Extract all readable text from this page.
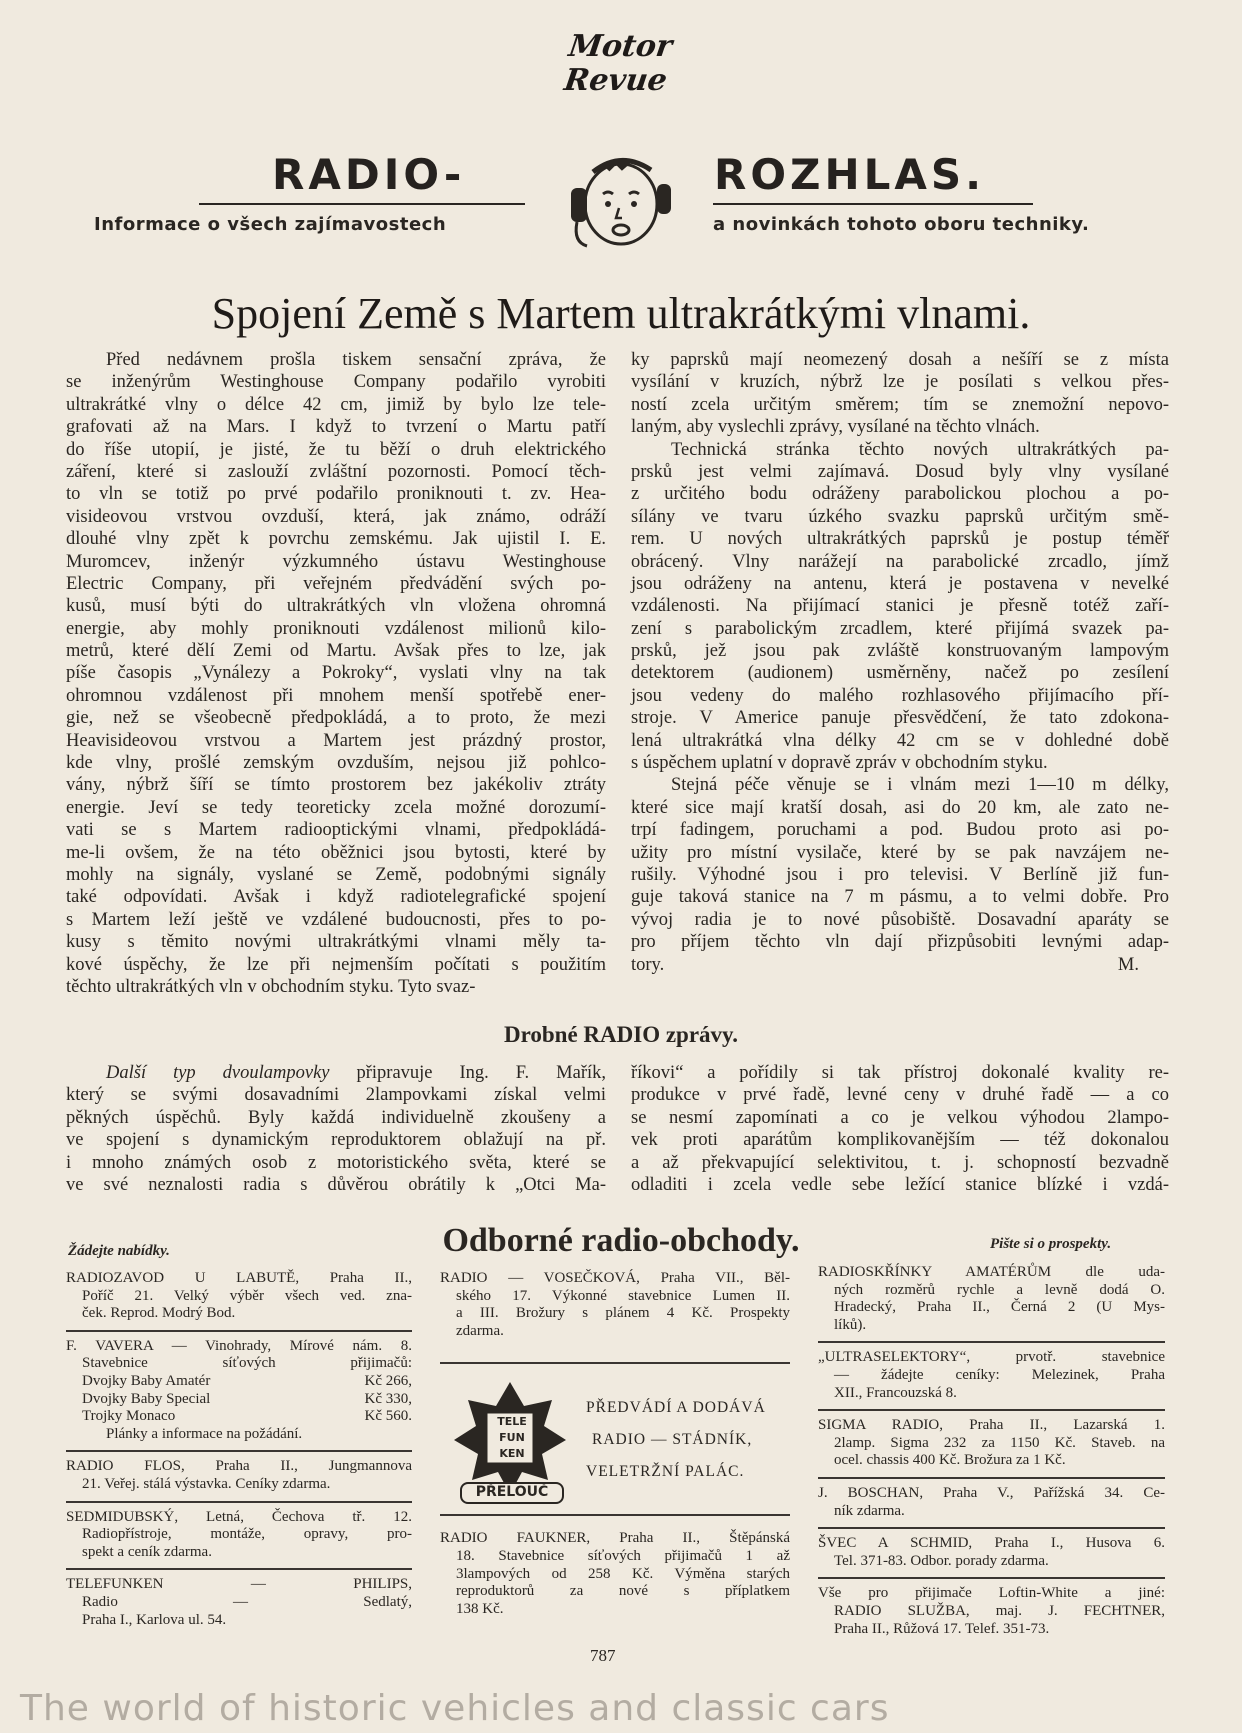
Motor
Revue
RADIO-
Informace o všech zajímavostech
ROZHLAS.
a novinkách tohoto oboru techniky.
Spojení Země s Martem ultrakrátkými vlnami.
Před nedávnem prošla tiskem sensační zpráva, že
se inženýrům Westinghouse Company podařilo vyrobiti
ultrakrátké vlny o délce 42 cm, jimiž by bylo lze tele-
grafovati až na Mars. I když to tvrzení o Martu patří
do říše utopií, je jisté, že tu běží o druh elektrického
záření, které si zaslouží zvláštní pozornosti. Pomocí těch-
to vln se totiž po prvé podařilo proniknouti t. zv. Hea-
visideovou vrstvou ovzduší, která, jak známo, odráží
dlouhé vlny zpět k povrchu zemskému. Jak ujistil I. E.
Muromcev, inženýr výzkumného ústavu Westinghouse
Electric Company, při veřejném předvádění svých po-
kusů, musí býti do ultrakrátkých vln vložena ohromná
energie, aby mohly proniknouti vzdálenost milionů kilo-
metrů, které dělí Zemi od Martu. Avšak přes to lze, jak
píše časopis „Vynálezy a Pokroky“, vyslati vlny na tak
ohromnou vzdálenost při mnohem menší spotřebě ener-
gie, než se všeobecně předpokládá, a to proto, že mezi
Heavisideovou vrstvou a Martem jest prázdný prostor,
kde vlny, prošlé zemským ovzduším, nejsou již pohlco-
vány, nýbrž šíří se tímto prostorem bez jakékoliv ztráty
energie. Jeví se tedy teoreticky zcela možné dorozumí-
vati se s Martem radiooptickými vlnami, předpokládá-
me-li ovšem, že na této oběžnici jsou bytosti, které by
mohly na signály, vyslané se Země, podobnými signály
také odpovídati. Avšak i když radiotelegrafické spojení
s Martem leží ještě ve vzdálené budoucnosti, přes to po-
kusy s těmito novými ultrakrátkými vlnami měly ta-
kové úspěchy, že lze při nejmenším počítati s použitím
těchto ultrakrátkých vln v obchodním styku. Tyto svaz-
ky paprsků mají neomezený dosah a nešíří se z místa
vysílání v kruzích, nýbrž lze je posílati s velkou přes-
ností zcela určitým směrem; tím se znemožní nepovo-
laným, aby vyslechli zprávy, vysílané na těchto vlnách.
Technická stránka těchto nových ultrakrátkých pa-
prsků jest velmi zajímavá. Dosud byly vlny vysílané
z určitého bodu odráženy parabolickou plochou a po-
sílány ve tvaru úzkého svazku paprsků určitým smě-
rem. U nových ultrakrátkých paprsků je postup téměř
obrácený. Vlny narážejí na parabolické zrcadlo, jímž
jsou odráženy na antenu, která je postavena v nevelké
vzdálenosti. Na přijímací stanici je přesně totéž zaří-
zení s parabolickým zrcadlem, které přijímá svazek pa-
prsků, jež jsou pak zvláště konstruovaným lampovým
detektorem (audionem) usměrněny, načež po zesílení
jsou vedeny do malého rozhlasového přijímacího pří-
stroje. V Americe panuje přesvědčení, že tato zdokona-
lená ultrakrátká vlna délky 42 cm se v dohledné době
s úspěchem uplatní v dopravě zpráv v obchodním styku.
Stejná péče věnuje se i vlnám mezi 1—10 m délky,
které sice mají kratší dosah, asi do 20 km, ale zato ne-
trpí fadingem, poruchami a pod. Budou proto asi po-
užity pro místní vysilače, které by se pak navzájem ne-
rušily. Výhodné jsou i pro televisi. V Berlíně již fun-
guje taková stanice na 7 m pásmu, a to velmi dobře. Pro
vývoj radia je to nové působiště. Dosavadní aparáty se
pro příjem těchto vln dají přizpůsobiti levnými adap-
tory.	M.
Drobné RADIO zprávy.
Další typ dvoulampovky připravuje Ing. F. Mařík,
který se svými dosavadními 2lampovkami získal velmi
pěkných úspěchů. Byly každá individuelně zkoušeny a
ve spojení s dynamickým reproduktorem oblažují na př.
i mnoho známých osob z motoristického světa, které se
ve své neznalosti radia s důvěrou obrátily k „Otci Ma-
říkovi“ a pořídily si tak přístroj dokonalé kvality re-
produkce v prvé řadě, levné ceny v druhé řadě — a co
se nesmí zapomínati a co je velkou výhodou 2lampo-
vek proti aparátům komplikovanějším — též dokonalou
a až překvapující selektivitou, t. j. schopností bezvadně
odladiti i zcela vedle sebe ležící stanice blízké i vzdá-
Odborné radio-obchody.
Žádejte nabídky.	Pište si o prospekty.
RADIOZAVOD U LABUTĚ, Praha II.,
Poříč 21. Velký výběr všech ved. zna-
ček. Reprod. Modrý Bod.
F. VAVERA — Vinohrady, Mírové nám. 8.
Stavebnice síťových přijimačů:
Dvojky Baby Amatér	Kč 266,
Dvojky Baby Special	Kč 330,
Trojky Monaco	Kč 560.
Plánky a informace na požádání.
RADIO FLOS, Praha II., Jungmannova
21. Veřej. stálá výstavka. Ceníky zdarma.
SEDMIDUBSKÝ, Letná, Čechova tř. 12.
Radiopřístroje, montáže, opravy, pro-
spekt a ceník zdarma.
TELEFUNKEN — PHILIPS,
Radio — Sedlatý,
Praha I., Karlova ul. 54.
RADIO — VOSEČKOVÁ, Praha VII., Běl-
ského 17. Výkonné stavebnice Lumen II.
a III. Brožury s plánem 4 Kč. Prospekty
zdarma.
TELE
FUN
KEN
PŘELOUČ
PŘEDVÁDÍ A DODÁVÁ
RADIO — STÁDNÍK,
VELETRŽNÍ PALÁC.
RADIO FAUKNER, Praha II., Štěpánská
18. Stavebnice síťových přijimačů 1 až
3lampových od 258 Kč. Výměna starých
reproduktorů za nové s příplatkem
138 Kč.
RADIOSKŘÍNKY AMATÉRŮM dle uda-
ných rozměrů rychle a levně dodá O.
Hradecký, Praha II., Černá 2 (U Mys-
líků).
„ULTRASELEKTORY“, prvotř. stavebnice
— žádejte ceníky: Melezinek, Praha
XII., Francouzská 8.
SIGMA RADIO, Praha II., Lazarská 1.
2lamp. Sigma 232 za 1150 Kč. Staveb. na
ocel. chassis 400 Kč. Brožura za 1 Kč.
J. BOSCHAN, Praha V., Pařížská 34. Ce-
ník zdarma.
ŠVEC A SCHMID, Praha I., Husova 6.
Tel. 371-83. Odbor. porady zdarma.
Vše pro přijimače Loftin-White a jiné:
RADIO SLUŽBA, maj. J. FECHTNER,
Praha II., Růžová 17. Telef. 351-73.
787
The world of historic vehicles and classic cars
